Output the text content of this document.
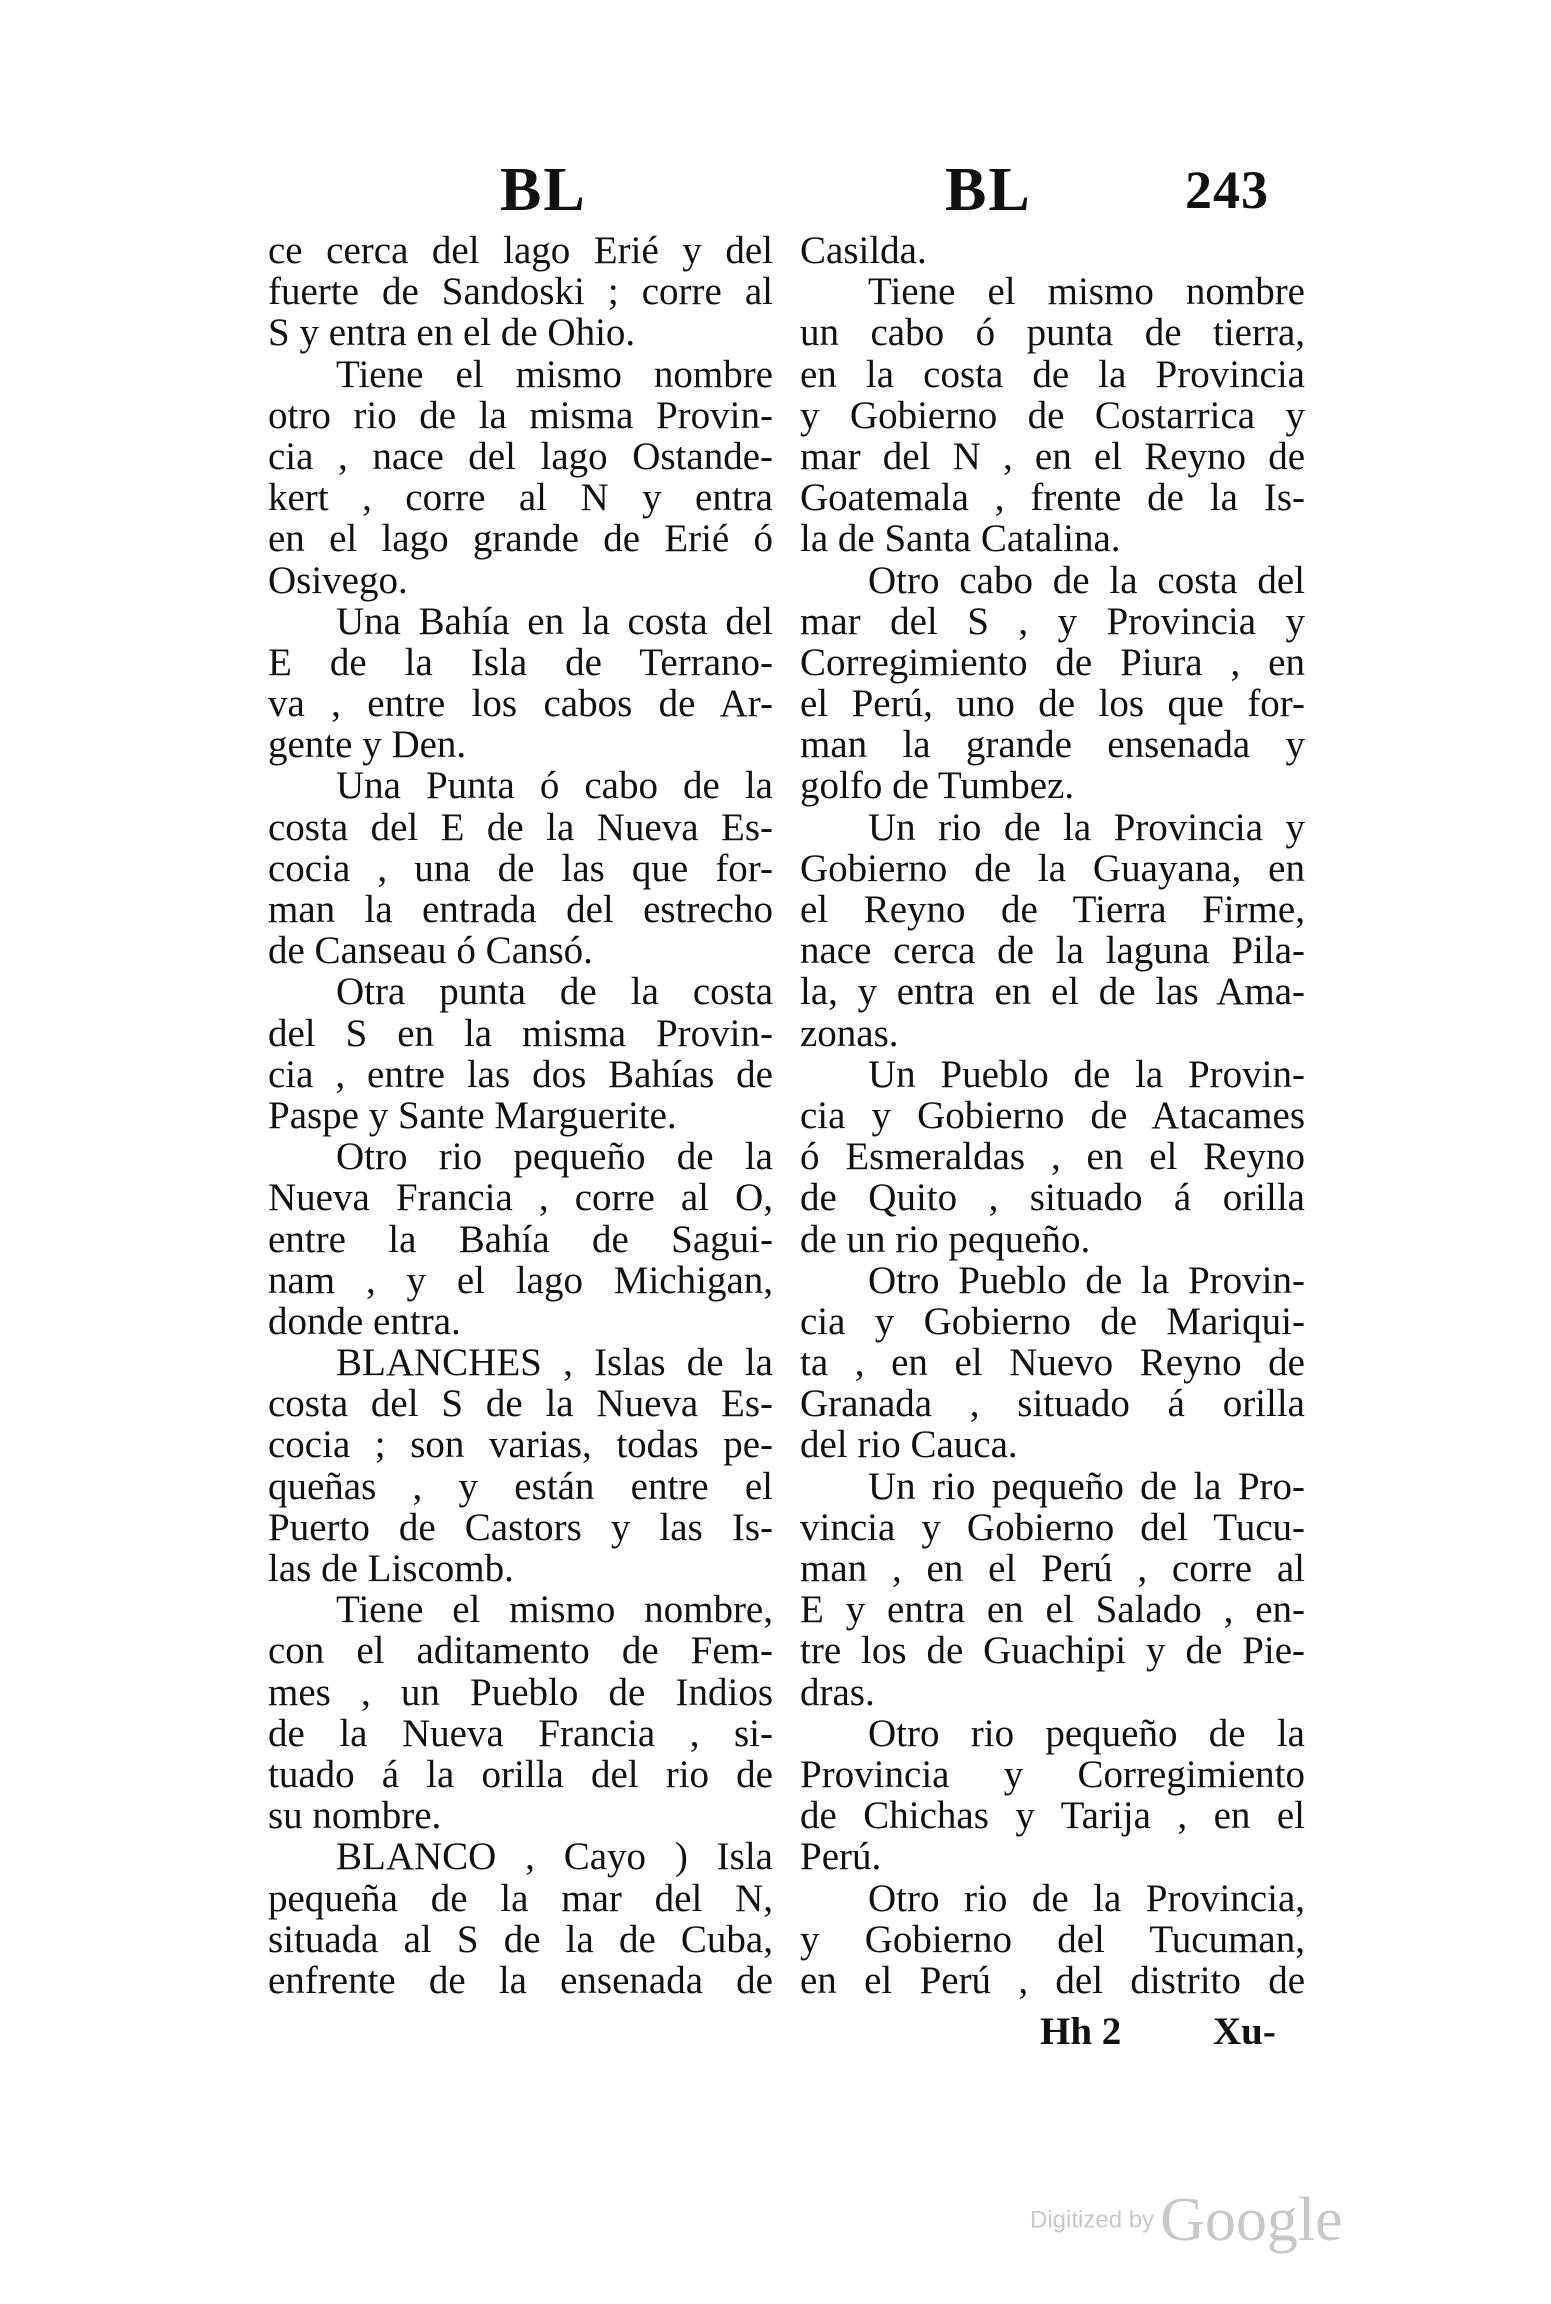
BL	BL	243
ce cerca del lago Erié y del
fuerte de Sandoski ; corre al
S y entra en el de Ohio.
Tiene el mismo nombre
otro rio de la misma Provin-
cia , nace del lago Ostande-
kert , corre al N y entra
en el lago grande de Erié ó
Osivego.
Una Bahía en la costa del
E de la Isla de Terrano-
va , entre los cabos de Ar-
gente y Den.
Una Punta ó cabo de la
costa del E de la Nueva Es-
cocia , una de las que for-
man la entrada del estrecho
de Canseau ó Cansó.
Otra punta de la costa
del S en la misma Provin-
cia , entre las dos Bahías de
Paspe y Sante Marguerite.
Otro rio pequeño de la
Nueva Francia , corre al O,
entre la Bahía de Sagui-
nam , y el lago Michigan,
donde entra.
BLANCHES , Islas de la
costa del S de la Nueva Es-
cocia ; son varias, todas pe-
queñas , y están entre el
Puerto de Castors y las Is-
las de Liscomb.
Tiene el mismo nombre,
con el aditamento de Fem-
mes , un Pueblo de Indios
de la Nueva Francia , si-
tuado á la orilla del rio de
su nombre.
BLANCO , Cayo ) Isla
pequeña de la mar del N,
situada al S de la de Cuba,
enfrente de la ensenada de
Casilda.
Tiene el mismo nombre
un cabo ó punta de tierra,
en la costa de la Provincia
y Gobierno de Costarrica y
mar del N , en el Reyno de
Goatemala , frente de la Is-
la de Santa Catalina.
Otro cabo de la costa del
mar del S , y Provincia y
Corregimiento de Piura , en
el Perú, uno de los que for-
man la grande ensenada y
golfo de Tumbez.
Un rio de la Provincia y
Gobierno de la Guayana, en
el Reyno de Tierra Firme,
nace cerca de la laguna Pila-
la, y entra en el de las Ama-
zonas.
Un Pueblo de la Provin-
cia y Gobierno de Atacames
ó Esmeraldas , en el Reyno
de Quito , situado á orilla
de un rio pequeño.
Otro Pueblo de la Provin-
cia y Gobierno de Mariqui-
ta , en el Nuevo Reyno de
Granada , situado á orilla
del rio Cauca.
Un rio pequeño de la Pro-
vincia y Gobierno del Tucu-
man , en el Perú , corre al
E y entra en el Salado , en-
tre los de Guachipi y de Pie-
dras.
Otro rio pequeño de la
Provincia y Corregimiento
de Chichas y Tarija , en el
Perú.
Otro rio de la Provincia,
y Gobierno del Tucuman,
en el Perú , del distrito de
Hh 2 Xu-
Digitized byGoogle
